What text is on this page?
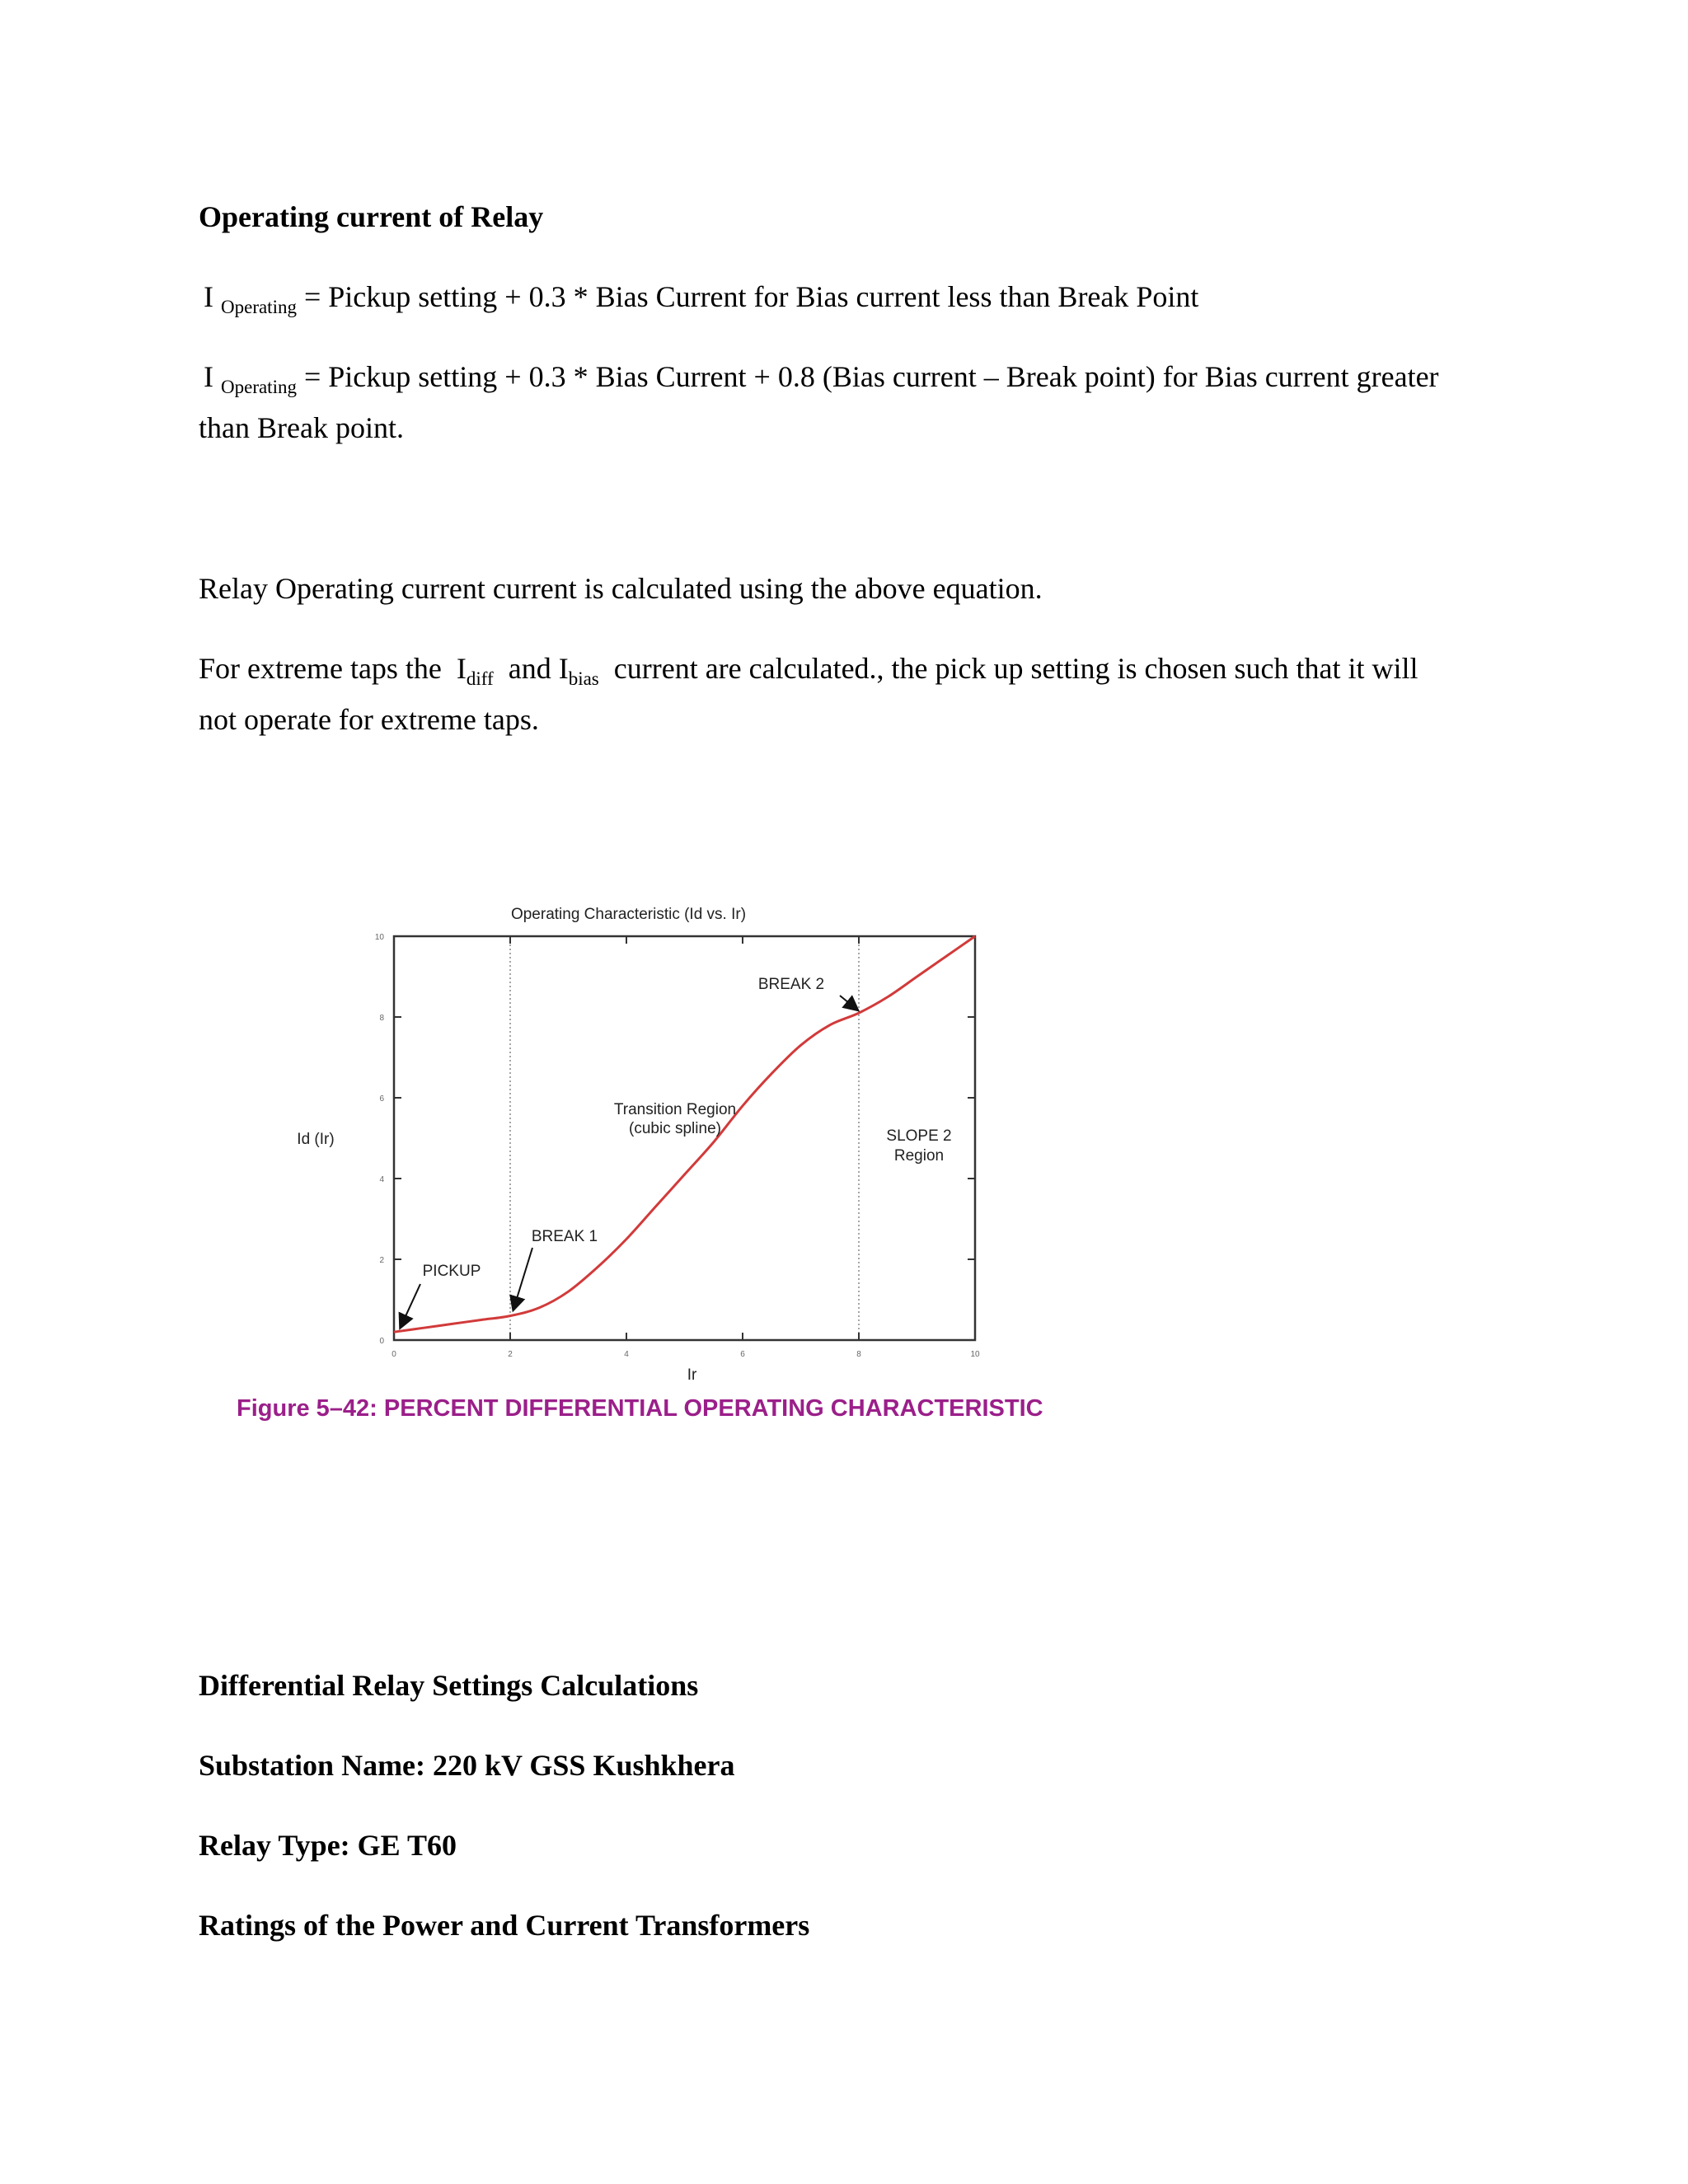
Operating current of Relay

I $_{Operating}$ = Pickup setting + 0.3 * Bias Current for Bias current less than Break Point

I $_{Operating}$ = Pickup setting + 0.3 * Bias Current + 0.8 (Bias current – Break point) for Bias current greater

than Break point.

Relay Operating current current is calculated using the above equation.

For extreme taps the $I_{diff}$ and $I_{bias}$ current are calculated., the pick up setting is chosen such that it will

not operate for extreme taps.

Operating Characteristic (Id vs. Ir)
0	2	4	6	8	10
0
2
4
6
8
10
Id (Ir)
Ir
PICKUP
BREAK 1
BREAK 2
Transition Region
(cubic spline)	SLOPE 2
Region
Figure 5–42: PERCENT DIFFERENTIAL OPERATING CHARACTERISTIC

Differential Relay Settings Calculations

Substation Name: 220 kV GSS Kushkhera

Relay Type: GE T60

Ratings of the Power and Current Transformers
